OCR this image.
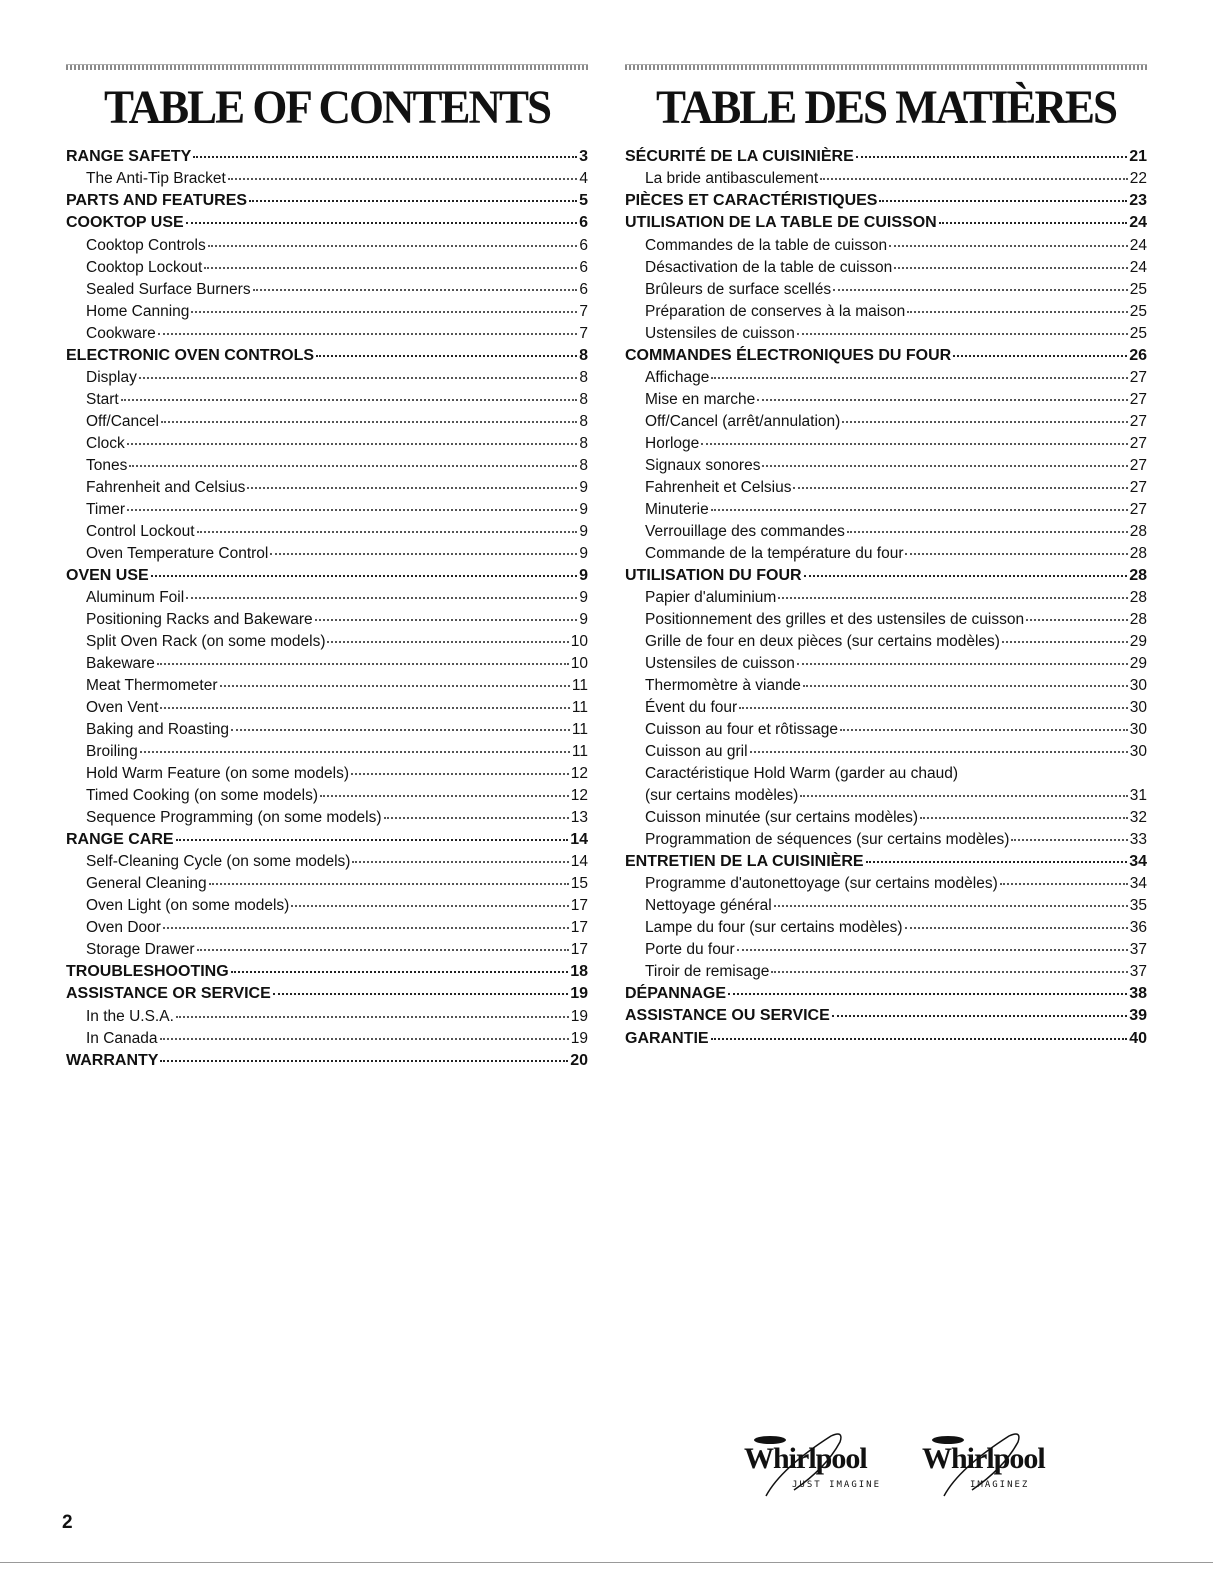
TABLE OF CONTENTS
RANGE SAFETY	3
The Anti-Tip Bracket	4
PARTS AND FEATURES	5
COOKTOP USE	6
Cooktop Controls	6
Cooktop Lockout	6
Sealed Surface Burners	6
Home Canning	7
Cookware	7
ELECTRONIC OVEN CONTROLS	8
Display	8
Start	8
Off/Cancel	8
Clock	8
Tones	8
Fahrenheit and Celsius	9
Timer	9
Control Lockout	9
Oven Temperature Control	9
OVEN USE	9
Aluminum Foil	9
Positioning Racks and Bakeware	9
Split Oven Rack (on some models)	10
Bakeware	10
Meat Thermometer	11
Oven Vent	11
Baking and Roasting	11
Broiling	11
Hold Warm Feature (on some models)	12
Timed Cooking (on some models)	12
Sequence Programming (on some models)	13
RANGE CARE	14
Self-Cleaning Cycle (on some models)	14
General Cleaning	15
Oven Light (on some models)	17
Oven Door	17
Storage Drawer	17
TROUBLESHOOTING	18
ASSISTANCE OR SERVICE	19
In the U.S.A.	19
In Canada	19
WARRANTY	20
TABLE DES MATIÈRES
SÉCURITÉ DE LA CUISINIÈRE	21
La bride antibasculement	22
PIÈCES ET CARACTÉRISTIQUES	23
UTILISATION DE LA TABLE DE CUISSON	24
Commandes de la table de cuisson	24
Désactivation de la table de cuisson	24
Brûleurs de surface scellés	25
Préparation de conserves à la maison	25
Ustensiles de cuisson	25
COMMANDES ÉLECTRONIQUES DU FOUR	26
Affichage	27
Mise en marche	27
Off/Cancel (arrêt/annulation)	27
Horloge	27
Signaux sonores	27
Fahrenheit et Celsius	27
Minuterie	27
Verrouillage des commandes	28
Commande de la température du four	28
UTILISATION DU FOUR	28
Papier d'aluminium	28
Positionnement des grilles et des ustensiles de cuisson	28
Grille de four en deux pièces (sur certains modèles)	29
Ustensiles de cuisson	29
Thermomètre à viande	30
Évent du four	30
Cuisson au four et rôtissage	30
Cuisson au gril	30
Caractéristique Hold Warm (garder au chaud)
(sur certains modèles)	31
Cuisson minutée (sur certains modèles)	32
Programmation de séquences (sur certains modèles)	33
ENTRETIEN DE LA CUISINIÈRE	34
Programme d'autonettoyage (sur certains modèles)	34
Nettoyage général	35
Lampe du four (sur certains modèles)	36
Porte du four	37
Tiroir de remisage	37
DÉPANNAGE	38
ASSISTANCE OU SERVICE	39
GARANTIE	40
Whirlpool
JUST IMAGINE
Whirlpool
IMAGINEZ
2
